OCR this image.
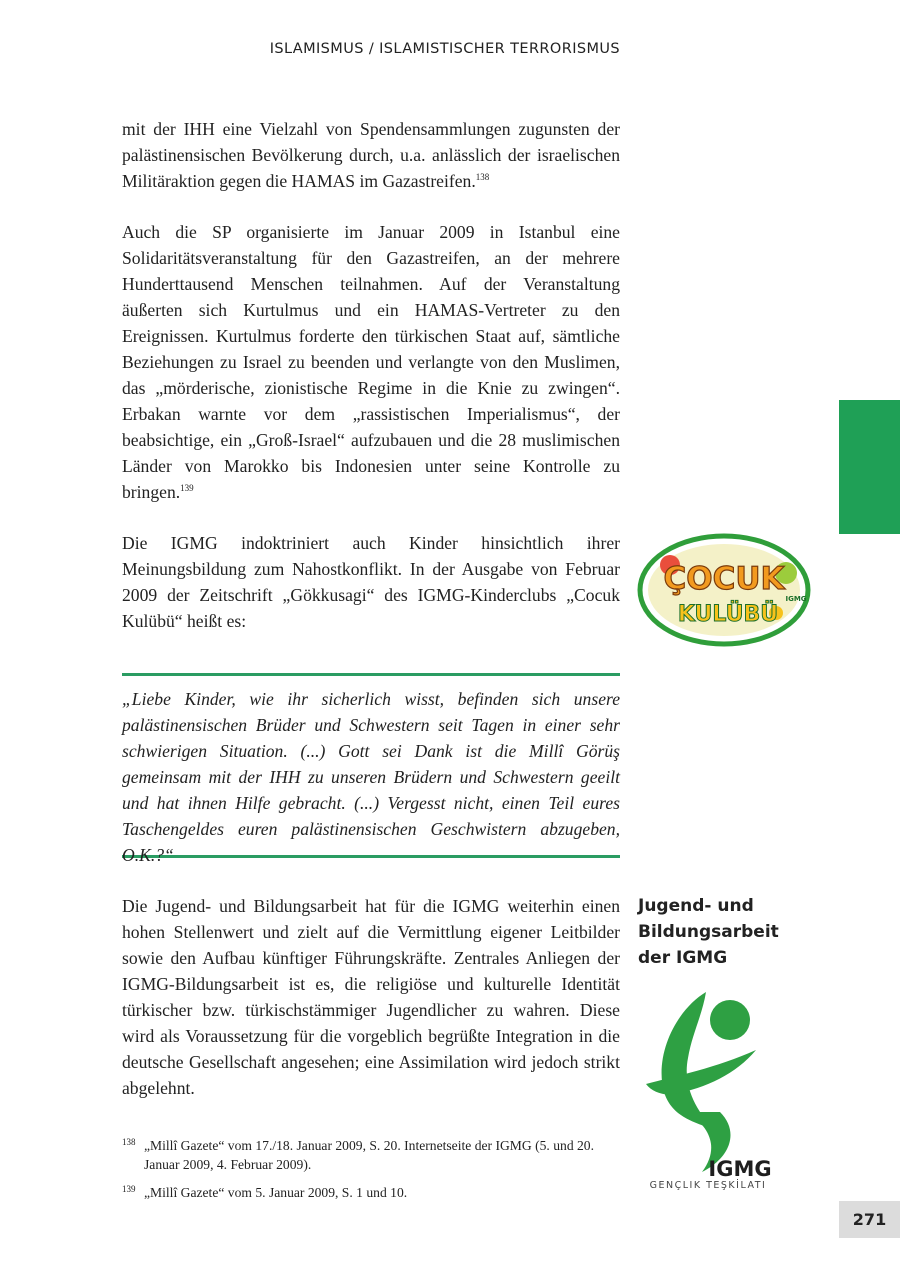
ISLAMISMUS / ISLAMISTISCHER TERRORISMUS

mit der IHH eine Vielzahl von Spendensammlungen zugunsten der palästinensischen Bevölkerung durch, u.a. anlässlich der israelischen Militäraktion gegen die HAMAS im Gazastreifen.$^{138}$

Auch die SP organisierte im Januar 2009 in Istanbul eine Solidaritätsveranstaltung für den Gazastreifen, an der mehrere Hunderttausend Menschen teilnahmen. Auf der Veranstaltung äußerten sich Kurtulmus und ein HAMAS-Vertreter zu den Ereignissen. Kurtulmus forderte den türkischen Staat auf, sämtliche Beziehungen zu Israel zu beenden und verlangte von den Muslimen, das „mörderische, zionistische Regime in die Knie zu zwingen“. Erbakan warnte vor dem „rassistischen Imperialismus“, der beabsichtige, ein „Groß-Israel“ aufzubauen und die 28 muslimischen Länder von Marokko bis Indonesien unter seine Kontrolle zu bringen.$^{139}$

Die IGMG indoktriniert auch Kinder hinsichtlich ihrer Meinungsbildung zum Nahostkonflikt. In der Ausgabe von Februar 2009 der Zeitschrift „Gökkusagi“ des IGMG-Kinderclubs „Cocuk Kulübü“ heißt es:

ÇOCUK
KULÜBÜ
IGMG
„Liebe Kinder, wie ihr sicherlich wisst, befinden sich unsere palästinensischen Brüder und Schwestern seit Tagen in einer sehr schwierigen Situation. (...) Gott sei Dank ist die Millî Görüş gemeinsam mit der IHH zu unseren Brüdern und Schwestern geeilt und hat ihnen Hilfe gebracht. (...) Vergesst nicht, einen Teil eures Taschengeldes euren palästinensischen Geschwistern abzugeben, O.K.?“

Die Jugend- und Bildungsarbeit hat für die IGMG weiterhin einen hohen Stellenwert und zielt auf die Vermittlung eigener Leitbilder sowie den Aufbau künftiger Führungskräfte. Zentrales Anliegen der IGMG-Bildungsarbeit ist es, die religiöse und kulturelle Identität türkischer bzw. türkischstämmiger Jugendlicher zu wahren. Diese wird als Voraussetzung für die vorgeblich begrüßte Integration in die deutsche Gesellschaft angesehen; eine Assimilation wird jedoch strikt abgelehnt.

Jugend- und Bildungsarbeit der IGMG
IGMG
GENÇLIK TEŞKİLATI
138 „Millî Gazete“ vom 17./18. Januar 2009, S. 20. Internetseite der IGMG (5. und 20. Januar 2009, 4. Februar 2009).
139 „Millî Gazete“ vom 5. Januar 2009, S. 1 und 10.
271
